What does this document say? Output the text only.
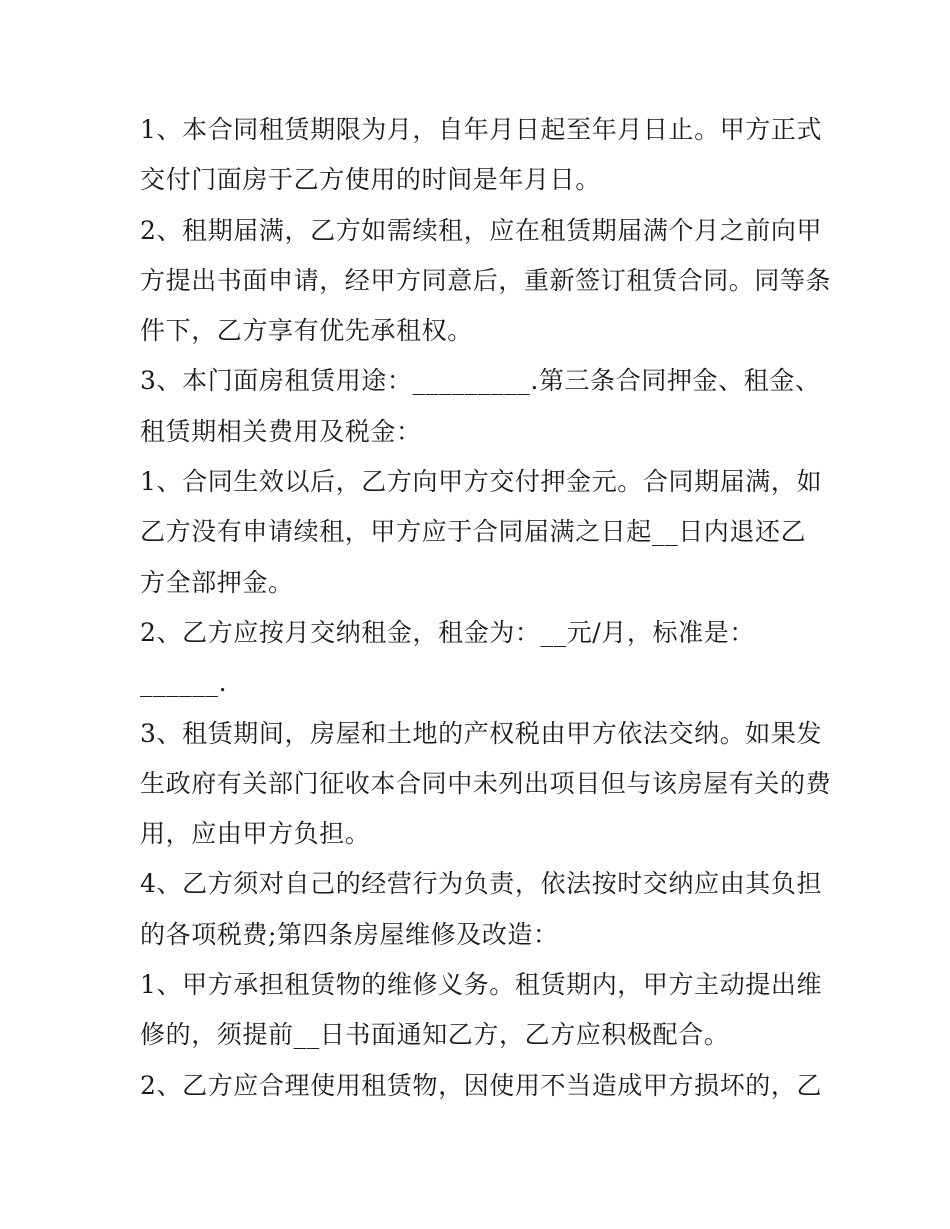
1、本合同租赁期限为月，自年月日起至年月日止。甲方正式
交付门面房于乙方使用的时间是年月日。
2、租期届满，乙方如需续租，应在租赁期届满个月之前向甲
方提出书面申请，经甲方同意后，重新签订租赁合同。同等条
件下，乙方享有优先承租权。
3、本门面房租赁用途：_________.第三条合同押金、租金、
租赁期相关费用及税金：
1、合同生效以后，乙方向甲方交付押金元。合同期届满，如
乙方没有申请续租，甲方应于合同届满之日起__日内退还乙
方全部押金。
2、乙方应按月交纳租金，租金为：__元/月，标准是：
______.
3、租赁期间，房屋和土地的产权税由甲方依法交纳。如果发
生政府有关部门征收本合同中未列出项目但与该房屋有关的费
用，应由甲方负担。
4、乙方须对自己的经营行为负责，依法按时交纳应由其负担
的各项税费;第四条房屋维修及改造：
1、甲方承担租赁物的维修义务。租赁期内，甲方主动提出维
修的，须提前__日书面通知乙方，乙方应积极配合。
2、乙方应合理使用租赁物，因使用不当造成甲方损坏的，乙
